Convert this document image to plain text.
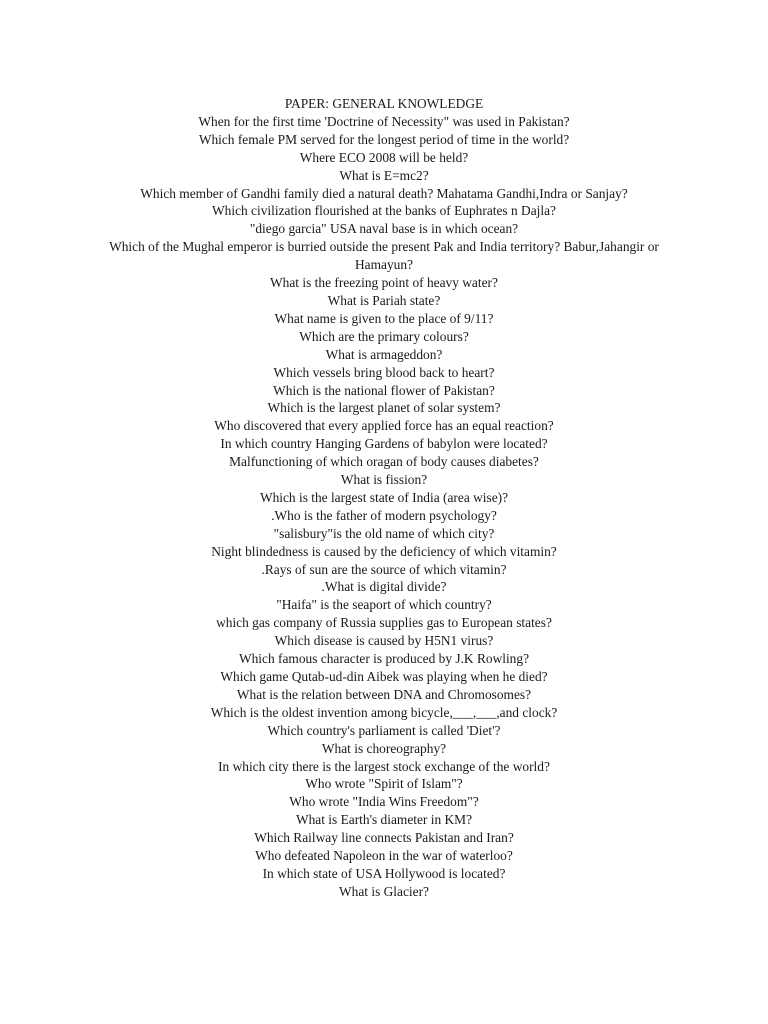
PAPER: GENERAL KNOWLEDGE
When for the first time 'Doctrine of Necessity" was used in Pakistan?
Which female PM served for the longest period of time in the world?
Where ECO 2008 will be held?
What is E=mc2?
Which member of Gandhi family died a natural death? Mahatama Gandhi,Indra or Sanjay?
Which civilization flourished at the banks of Euphrates n Dajla?
"diego garcia" USA naval base is in which ocean?
Which of the Mughal emperor is burried outside the present Pak and India territory? Babur,Jahangir or Hamayun?
What is the freezing point of heavy water?
What is Pariah state?
What name is given to the place of 9/11?
Which are the primary colours?
What is armageddon?
Which vessels bring blood back to heart?
Which is the national flower of Pakistan?
Which is the largest planet of solar system?
Who discovered that every applied force has an equal reaction?
In which country Hanging Gardens of babylon were located?
Malfunctioning of which oragan of body causes diabetes?
What is fission?
Which is the largest state of India (area wise)?
.Who is the father of modern psychology?
"salisbury"is the old name of which city?
Night blindedness is caused by the deficiency of which vitamin?
.Rays of sun are the source of which vitamin?
.What is digital divide?
"Haifa" is the seaport of which country?
which gas company of Russia supplies gas to European states?
Which disease is caused by H5N1 virus?
Which famous character is produced by J.K Rowling?
Which game Qutab-ud-din Aibek was playing when he died?
What is the relation between DNA and Chromosomes?
Which is the oldest invention among bicycle,___,___,and clock?
Which country's parliament is called 'Diet'?
What is choreography?
In which city there is the largest stock exchange of the world?
Who wrote "Spirit of Islam"?
Who wrote "India Wins Freedom"?
What is Earth's diameter in KM?
Which Railway line connects Pakistan and Iran?
Who defeated Napoleon in the war of waterloo?
In which state of USA Hollywood is located?
What is Glacier?
